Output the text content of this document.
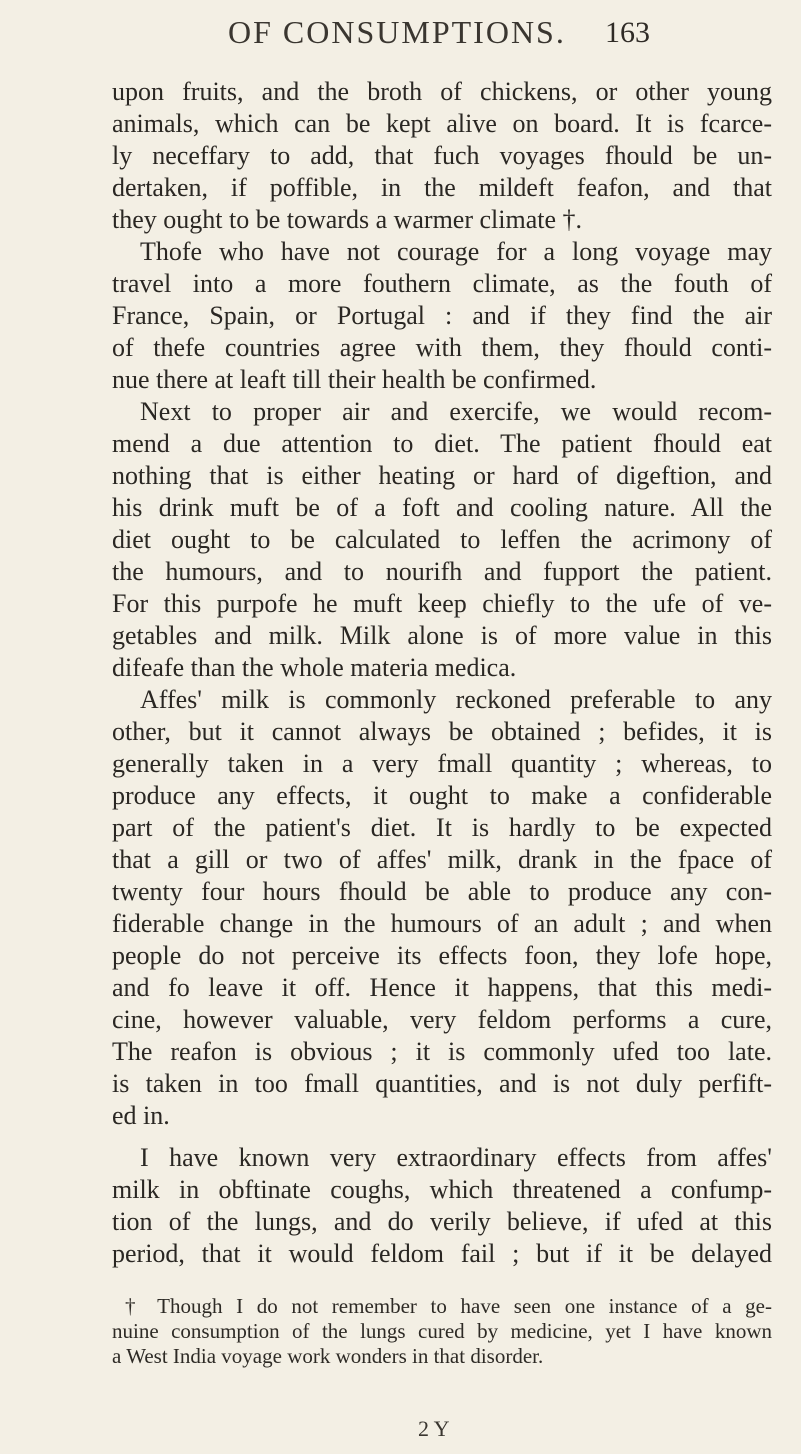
OF CONSUMPTIONS. 163
upon fruits, and the broth of chickens, or other young
animals, which can be kept alive on board. It is fcarce-
ly neceffary to add, that fuch voyages fhould be un-
dertaken, if poffible, in the mildeft feafon, and that
they ought to be towards a warmer climate †.
Thofe who have not courage for a long voyage may
travel into a more fouthern climate, as the fouth of
France, Spain, or Portugal : and if they find the air
of thefe countries agree with them, they fhould conti-
nue there at leaft till their health be confirmed.
Next to proper air and exercife, we would recom-
mend a due attention to diet. The patient fhould eat
nothing that is either heating or hard of digeftion, and
his drink muft be of a foft and cooling nature. All the
diet ought to be calculated to leffen the acrimony of
the humours, and to nourifh and fupport the patient.
For this purpofe he muft keep chiefly to the ufe of ve-
getables and milk. Milk alone is of more value in this
difeafe than the whole materia medica.
Affes' milk is commonly reckoned preferable to any
other, but it cannot always be obtained ; befides, it is
generally taken in a very fmall quantity ; whereas, to
produce any effects, it ought to make a confiderable
part of the patient's diet. It is hardly to be expected
that a gill or two of affes' milk, drank in the fpace of
twenty four hours fhould be able to produce any con-
fiderable change in the humours of an adult ; and when
people do not perceive its effects foon, they lofe hope,
and fo leave it off. Hence it happens, that this medi-
cine, however valuable, very feldom performs a cure,
The reafon is obvious ; it is commonly ufed too late.
is taken in too fmall quantities, and is not duly perfift-
ed in.
I have known very extraordinary effects from affes'
milk in obftinate coughs, which threatened a confump-
tion of the lungs, and do verily believe, if ufed at this
period, that it would feldom fail ; but if it be delayed
† Though I do not remember to have seen one instance of a ge-
nuine consumption of the lungs cured by medicine, yet I have known
a West India voyage work wonders in that disorder.
2 Y
